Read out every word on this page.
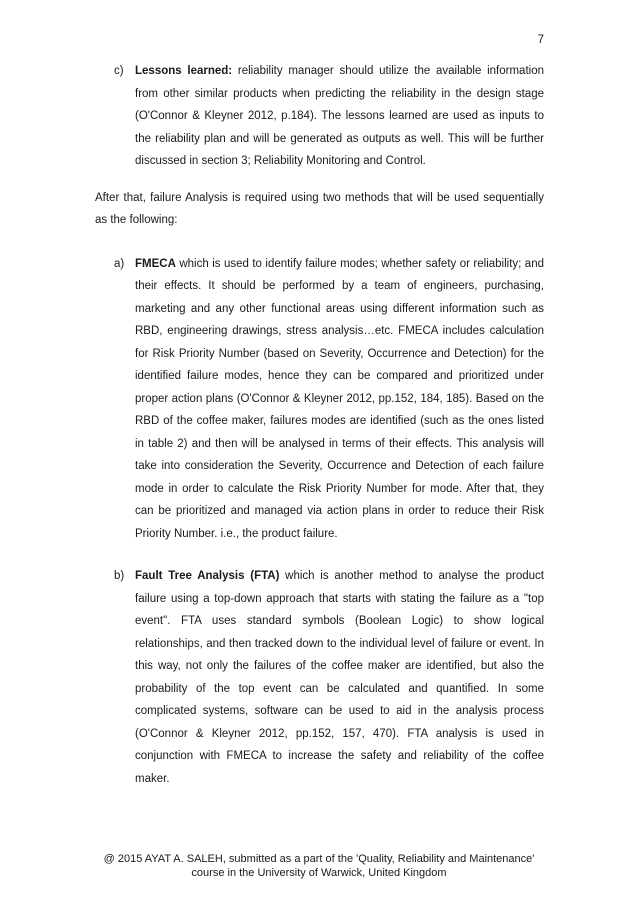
7
c) Lessons learned: reliability manager should utilize the available information from other similar products when predicting the reliability in the design stage (O'Connor & Kleyner 2012, p.184). The lessons learned are used as inputs to the reliability plan and will be generated as outputs as well. This will be further discussed in section 3; Reliability Monitoring and Control.
After that, failure Analysis is required using two methods that will be used sequentially as the following:
a) FMECA which is used to identify failure modes; whether safety or reliability; and their effects. It should be performed by a team of engineers, purchasing, marketing and any other functional areas using different information such as RBD, engineering drawings, stress analysis…etc. FMECA includes calculation for Risk Priority Number (based on Severity, Occurrence and Detection) for the identified failure modes, hence they can be compared and prioritized under proper action plans (O'Connor & Kleyner 2012, pp.152, 184, 185). Based on the RBD of the coffee maker, failures modes are identified (such as the ones listed in table 2) and then will be analysed in terms of their effects. This analysis will take into consideration the Severity, Occurrence and Detection of each failure mode in order to calculate the Risk Priority Number for mode. After that, they can be prioritized and managed via action plans in order to reduce their Risk Priority Number. i.e., the product failure.
b) Fault Tree Analysis (FTA) which is another method to analyse the product failure using a top-down approach that starts with stating the failure as a "top event". FTA uses standard symbols (Boolean Logic) to show logical relationships, and then tracked down to the individual level of failure or event. In this way, not only the failures of the coffee maker are identified, but also the probability of the top event can be calculated and quantified. In some complicated systems, software can be used to aid in the analysis process (O'Connor & Kleyner 2012, pp.152, 157, 470). FTA analysis is used in conjunction with FMECA to increase the safety and reliability of the coffee maker.
@ 2015 AYAT A. SALEH, submitted as a part of the 'Quality, Reliability and Maintenance'
course in the University of Warwick, United Kingdom
